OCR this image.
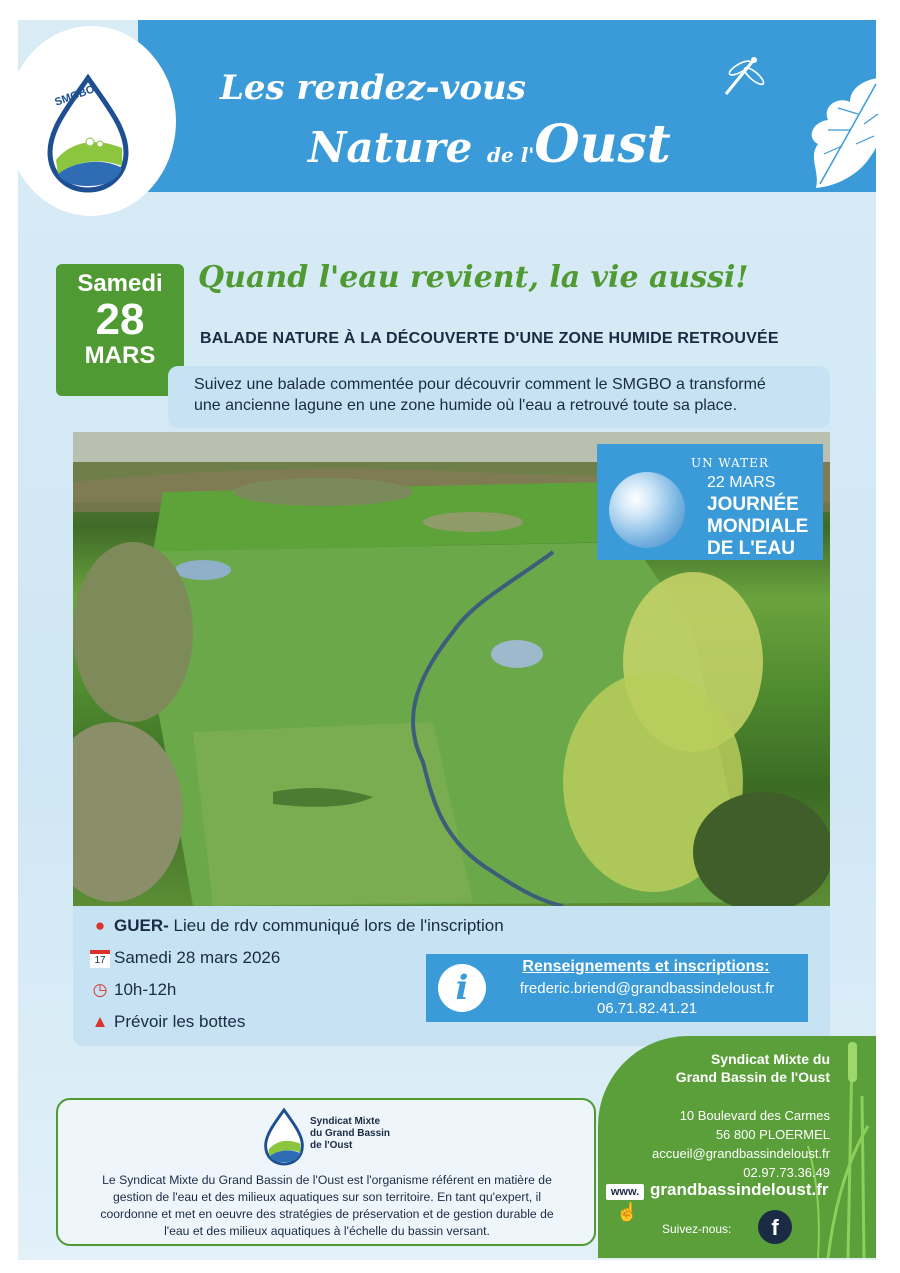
Les rendez-vous
Nature de l'Oust
SMGBO
Samedi
28
MARS
Quand l'eau revient, la vie aussi!
BALADE NATURE À LA DÉCOUVERTE D'UNE ZONE HUMIDE RETROUVÉE
Suivez une balade commentée pour découvrir comment le SMGBO a transformé
une ancienne lagune en une zone humide où l'eau a retrouvé toute sa place.
UN WATER
22 MARS
JOURNÉE
MONDIALE
DE L'EAU
● GUER- Lieu de rdv communiqué lors de l'inscription
17 Samedi 28 mars 2026
◷ 10h-12h
▲ Prévoir les bottes
i
Renseignements et inscriptions:
frederic.briend@grandbassindeloust.fr
06.71.82.41.21
Syndicat Mixte
du Grand Bassin
de l'Oust
Le Syndicat Mixte du Grand Bassin de l'Oust est l'organisme référent en matière de
gestion de l'eau et des milieux aquatiques sur son territoire. En tant qu'expert, il
coordonne et met en oeuvre des stratégies de préservation et de gestion durable de
l'eau et des milieux aquatiques à l'échelle du bassin versant.
Syndicat Mixte du
Grand Bassin de l'Oust
10 Boulevard des Carmes
56 800 PLOERMEL
accueil@grandbassindeloust.fr
02.97.73.36.49
www.
☝
grandbassindeloust.fr
Suivez-nous:	f
